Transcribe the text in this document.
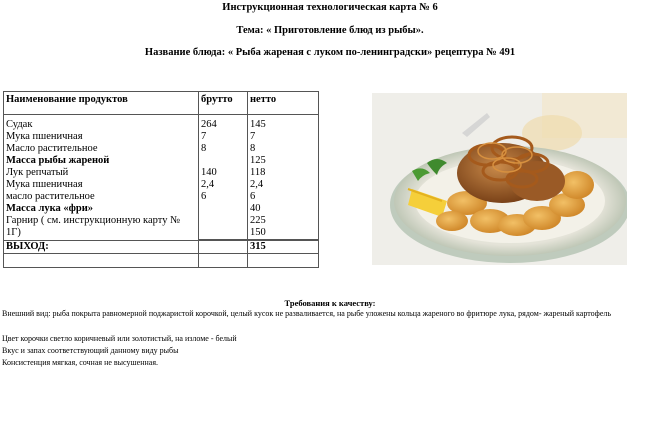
Инструкционная технологическая карта № 6
Тема: « Приготовление блюд из рыбы».
Название блюда: « Рыба жареная с луком по-ленинградски» рецептура № 491
Наименование продуктов	брутто	нетто

Судак	264	145
Мука пшеничная	7	7
Масло растительное	8	8
Масса рыбы жареной		125
Лук репчатый	140	118
Мука пшеничная	2,4	2,4
масло растительное	6	6
Масса лука «фри»		40
Гарнир ( см. инструкционную карту №		225
1Г)		150
ВЫХОД:		315

Требования к качеству:
Внешний вид: рыба покрыта равномерной поджаристой корочкой, целый кусок не разваливается, на рыбе уложены кольца жареного во фритюре лука, рядом- жареный картофель
Цвет корочки светло коричневый или золотистый, на изломе - белый
Вкус и запах соответствующий данному виду рыбы
Консистенция мягкая, сочная не высушенная.
